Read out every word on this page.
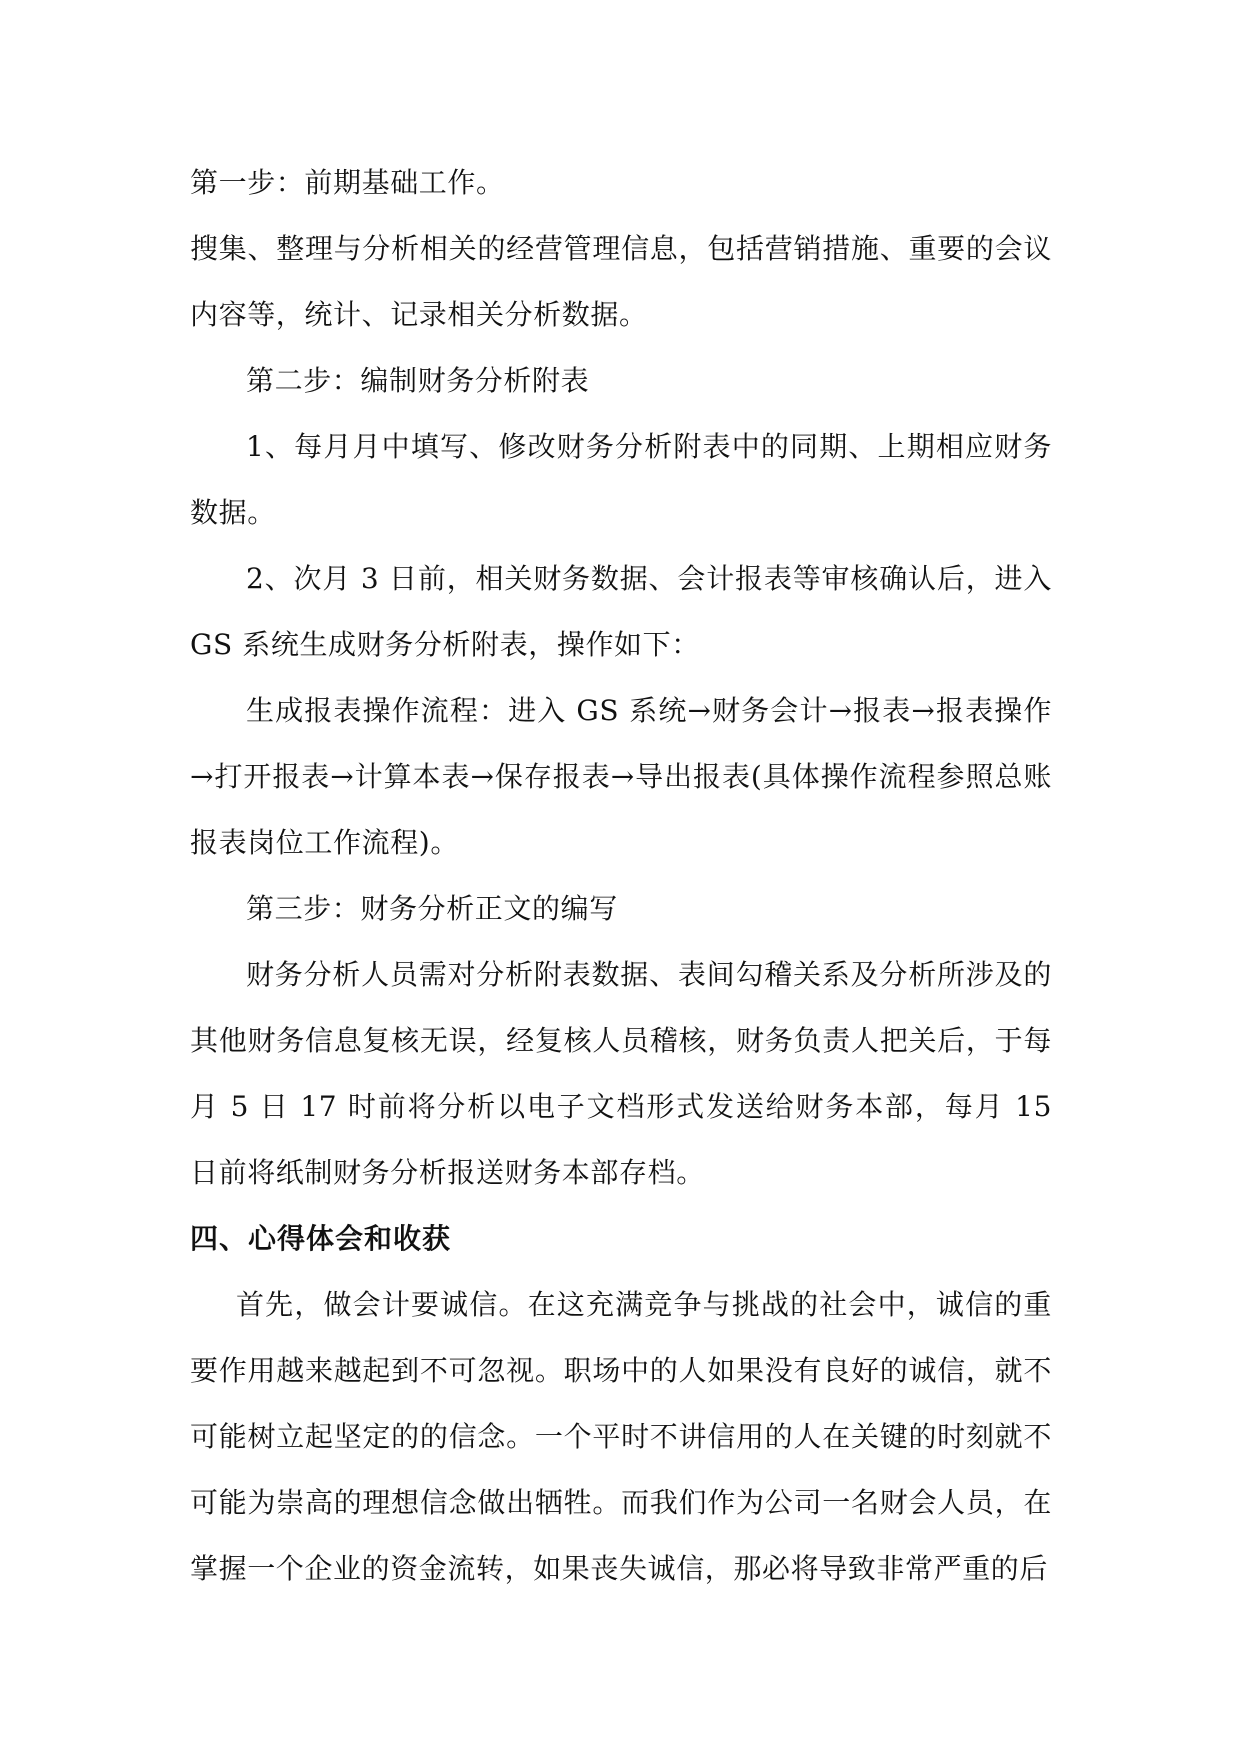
第一步：前期基础工作。

搜集、整理与分析相关的经营管理信息，包括营销措施、重要的会议内容等，统计、记录相关分析数据。

第二步：编制财务分析附表

1、每月月中填写、修改财务分析附表中的同期、上期相应财务数据。

2、次月 3 日前，相关财务数据、会计报表等审核确认后，进入 GS 系统生成财务分析附表，操作如下：

生成报表操作流程：进入 GS 系统→财务会计→报表→报表操作→打开报表→计算本表→保存报表→导出报表(具体操作流程参照总账报表岗位工作流程)。

第三步：财务分析正文的编写

财务分析人员需对分析附表数据、表间勾稽关系及分析所涉及的其他财务信息复核无误，经复核人员稽核，财务负责人把关后，于每月 5 日 17 时前将分析以电子文档形式发送给财务本部，每月 15 日前将纸制财务分析报送财务本部存档。

四、心得体会和收获

首先，做会计要诚信。在这充满竞争与挑战的社会中，诚信的重要作用越来越起到不可忽视。职场中的人如果没有良好的诚信，就不可能树立起坚定的的信念。一个平时不讲信用的人在关键的时刻就不可能为崇高的理想信念做出牺牲。而我们作为公司一名财会人员，在掌握一个企业的资金流转，如果丧失诚信，那必将导致非常严重的后
